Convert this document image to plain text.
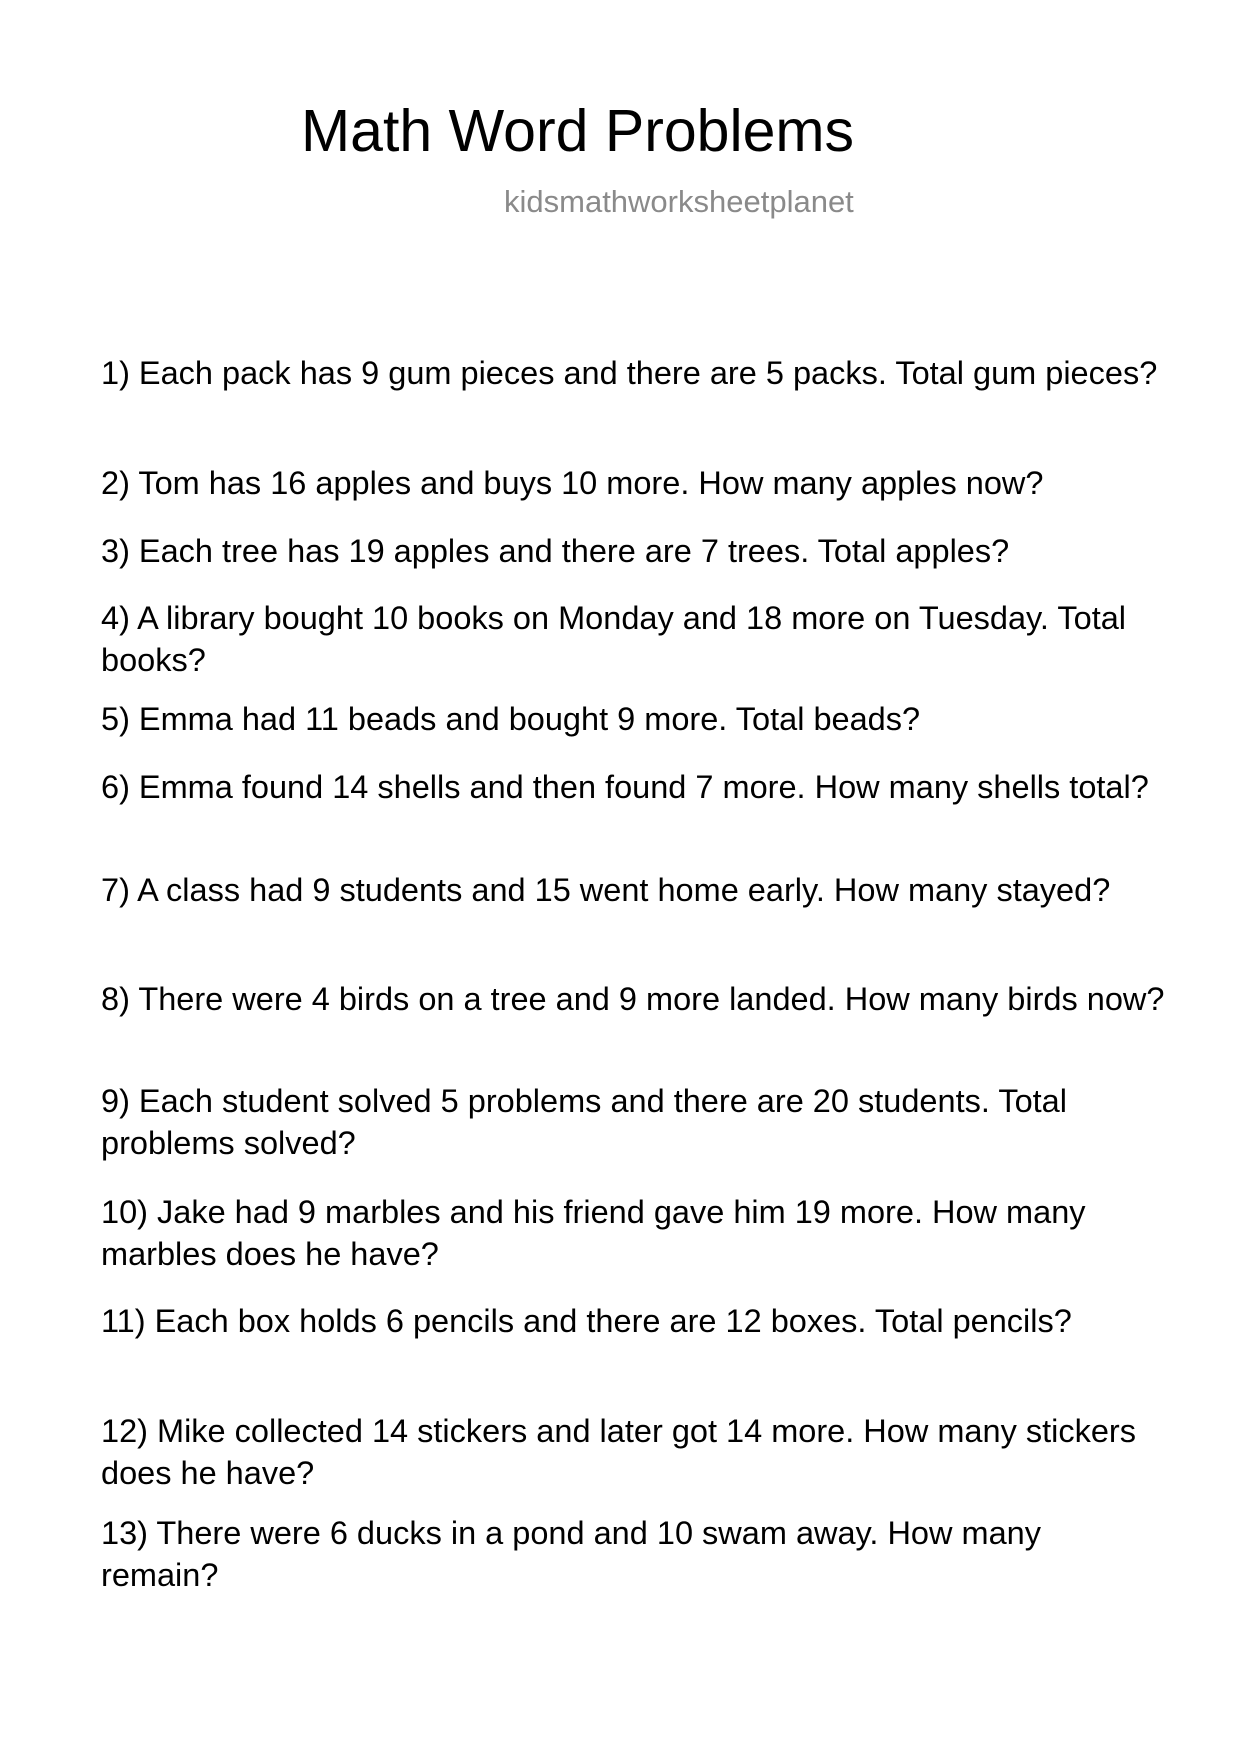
Math Word Problems
kidsmathworksheetplanet
1) Each pack has 9 gum pieces and there are 5 packs. Total gum pieces?
2) Tom has 16 apples and buys 10 more. How many apples now?
3) Each tree has 19 apples and there are 7 trees. Total apples?
4) A library bought 10 books on Monday and 18 more on Tuesday. Total books?
5) Emma had 11 beads and bought 9 more. Total beads?
6) Emma found 14 shells and then found 7 more. How many shells total?
7) A class had 9 students and 15 went home early. How many stayed?
8) There were 4 birds on a tree and 9 more landed. How many birds now?
9) Each student solved 5 problems and there are 20 students. Total problems solved?
10) Jake had 9 marbles and his friend gave him 19 more. How many marbles does he have?
11) Each box holds 6 pencils and there are 12 boxes. Total pencils?
12) Mike collected 14 stickers and later got 14 more. How many stickers does he have?
13) There were 6 ducks in a pond and 10 swam away. How many remain?
